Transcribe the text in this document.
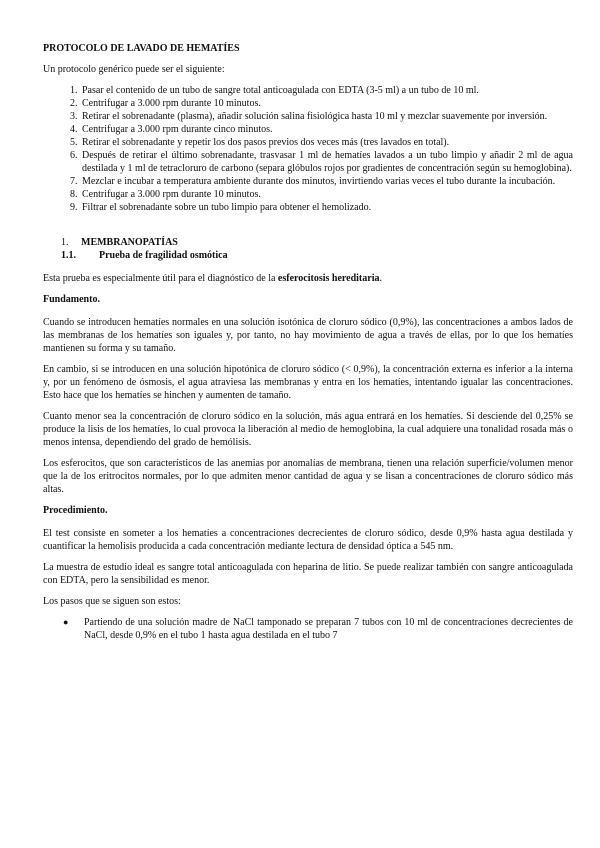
PROTOCOLO DE LAVADO DE HEMATÍES

Un protocolo genérico puede ser el siguiente:

1. Pasar el contenido de un tubo de sangre total anticoagulada con EDTA (3-5 ml) a un tubo de 10 ml.
2. Centrifugar a 3.000 rpm durante 10 minutos.
3. Retirar el sobrenadante (plasma), añadir solución salina fisiológica hasta 10 ml y mezclar suavemente por inversión.
4. Centrifugar a 3.000 rpm durante cinco minutos.
5. Retirar el sobrenadante y repetir los dos pasos previos dos veces más (tres lavados en total).
6. Después de retirar el último sobrenadante, trasvasar 1 ml de hematíes lavados a un tubo limpio y añadir 2 ml de agua destilada y 1 ml de tetracloruro de carbono (separa glóbulos rojos por gradientes de concentración según su hemoglobina).
7. Mezclar e incubar a temperatura ambiente durante dos minutos, invirtiendo varias veces el tubo durante la incubación.
8. Centrifugar a 3.000 rpm durante 10 minutos.
9. Filtrar el sobrenadante sobre un tubo limpio para obtener el hemolizado.
1.	MEMBRANOPATÍAS
1.1.	Prueba de fragilidad osmótica

Esta prueba es especialmente útil para el diagnóstico de la esferocitosis hereditaria.

Fundamento.

Cuando se introducen hematíes normales en una solución isotónica de cloruro sódico (0,9%), las concentraciones a ambos lados de las membranas de los hematíes son iguales y, por tanto, no hay movimiento de agua a través de ellas, por lo que los hematíes mantienen su forma y su tamaño.

En cambio, si se introducen en una solución hipotónica de cloruro sódico (< 0,9%), la concentración externa es inferior a la interna y, por un fenómeno de ósmosis, el agua atraviesa las membranas y entra en los hematíes, intentando igualar las concentraciones. Esto hace que los hematíes se hinchen y aumenten de tamaño.

Cuanto menor sea la concentración de cloruro sódico en la solución, más agua entrará en los hematíes. Si desciende del 0,25% se produce la lisis de los hematíes, lo cual provoca la liberación al medio de hemoglobina, la cual adquiere una tonalidad rosada más o menos intensa, dependiendo del grado de hemólisis.

Los esferocitos, que son característicos de las anemias por anomalías de membrana, tienen una relación superficie/volumen menor que la de los eritrocitos normales, por lo que admiten menor cantidad de agua y se lisan a concentraciones de cloruro sódico más altas.

Procedimiento.

El test consiste en someter a los hematíes a concentraciones decrecientes de cloruro sódico, desde 0,9% hasta agua destilada y cuantificar la hemolisis producida a cada concentración mediante lectura de densidad óptica a 545 nm.

La muestra de estudio ideal es sangre total anticoagulada con heparina de litio. Se puede realizar también con sangre anticoagulada con EDTA, pero la sensibilidad es menor.

Los pasos que se siguen son estos:

● Partiendo de una solución madre de NaCl tamponado se preparan 7 tubos con 10 ml de concentraciones decrecientes de NaCl, desde 0,9% en el tubo 1 hasta agua destilada en el tubo 7
